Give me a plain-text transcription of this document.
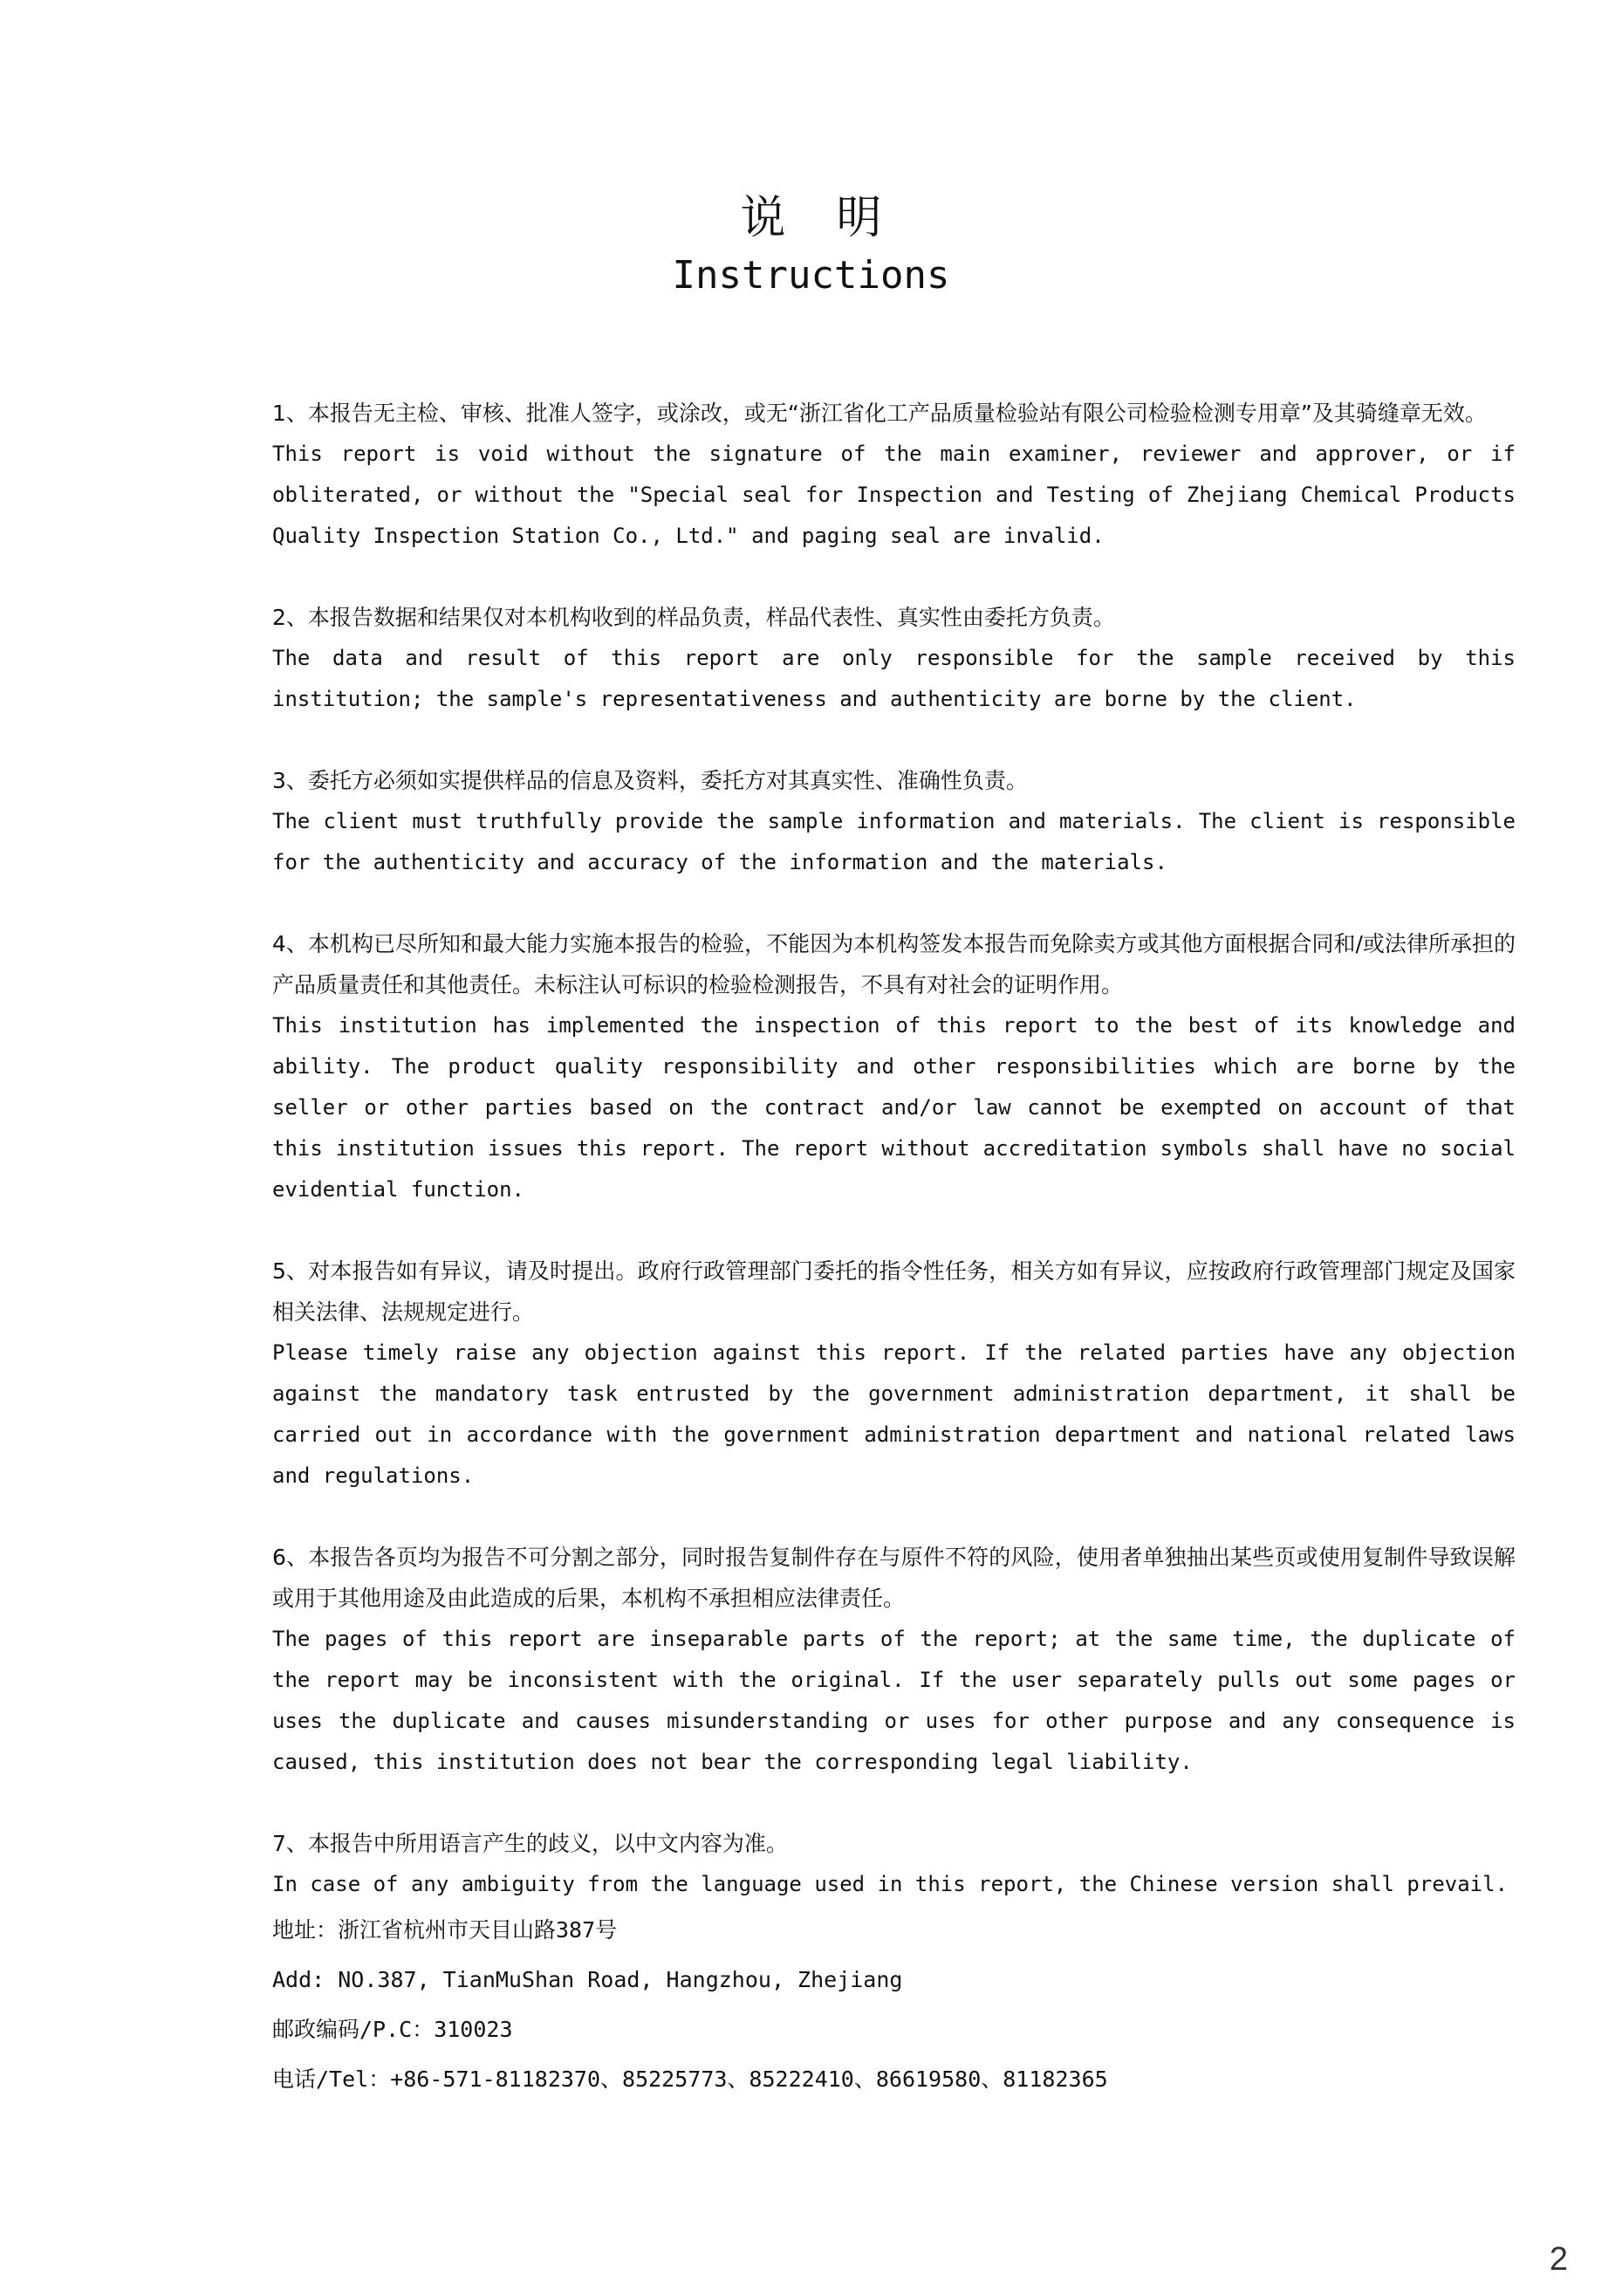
说明
Instructions
1、本报告无主检、审核、批准人签字，或涂改，或无“浙江省化工产品质量检验站有限公司检验检测专用章”及其骑缝章无效。
This report is void without the signature of the main examiner, reviewer and approver, or if obliterated, or without the "Special seal for Inspection and Testing of Zhejiang Chemical Products Quality Inspection Station Co., Ltd." and paging seal are invalid.
2、本报告数据和结果仅对本机构收到的样品负责，样品代表性、真实性由委托方负责。
The data and result of this report are only responsible for the sample received by this institution; the sample's representativeness and authenticity are borne by the client.
3、委托方必须如实提供样品的信息及资料，委托方对其真实性、准确性负责。
The client must truthfully provide the sample information and materials. The client is responsible for the authenticity and accuracy of the information and the materials.
4、本机构已尽所知和最大能力实施本报告的检验，不能因为本机构签发本报告而免除卖方或其他方面根据合同和/或法律所承担的产品质量责任和其他责任。未标注认可标识的检验检测报告，不具有对社会的证明作用。
This institution has implemented the inspection of this report to the best of its knowledge and ability. The product quality responsibility and other responsibilities which are borne by the seller or other parties based on the contract and/or law cannot be exempted on account of that this institution issues this report. The report without accreditation symbols shall have no social evidential function.
5、对本报告如有异议，请及时提出。政府行政管理部门委托的指令性任务，相关方如有异议，应按政府行政管理部门规定及国家相关法律、法规规定进行。
Please timely raise any objection against this report. If the related parties have any objection against the mandatory task entrusted by the government administration department, it shall be carried out in accordance with the government administration department and national related laws and regulations.
6、本报告各页均为报告不可分割之部分，同时报告复制件存在与原件不符的风险，使用者单独抽出某些页或使用复制件导致误解或用于其他用途及由此造成的后果，本机构不承担相应法律责任。
The pages of this report are inseparable parts of the report; at the same time, the duplicate of the report may be inconsistent with the original. If the user separately pulls out some pages or uses the duplicate and causes misunderstanding or uses for other purpose and any consequence is caused, this institution does not bear the corresponding legal liability.
7、本报告中所用语言产生的歧义，以中文内容为准。
In case of any ambiguity from the language used in this report, the Chinese version shall prevail.
地址：浙江省杭州市天目山路387号
Add: NO.387, TianMuShan Road, Hangzhou, Zhejiang
邮政编码/P.C：310023
电话/Tel：+86-571-81182370、85225773、85222410、86619580、81182365
2
